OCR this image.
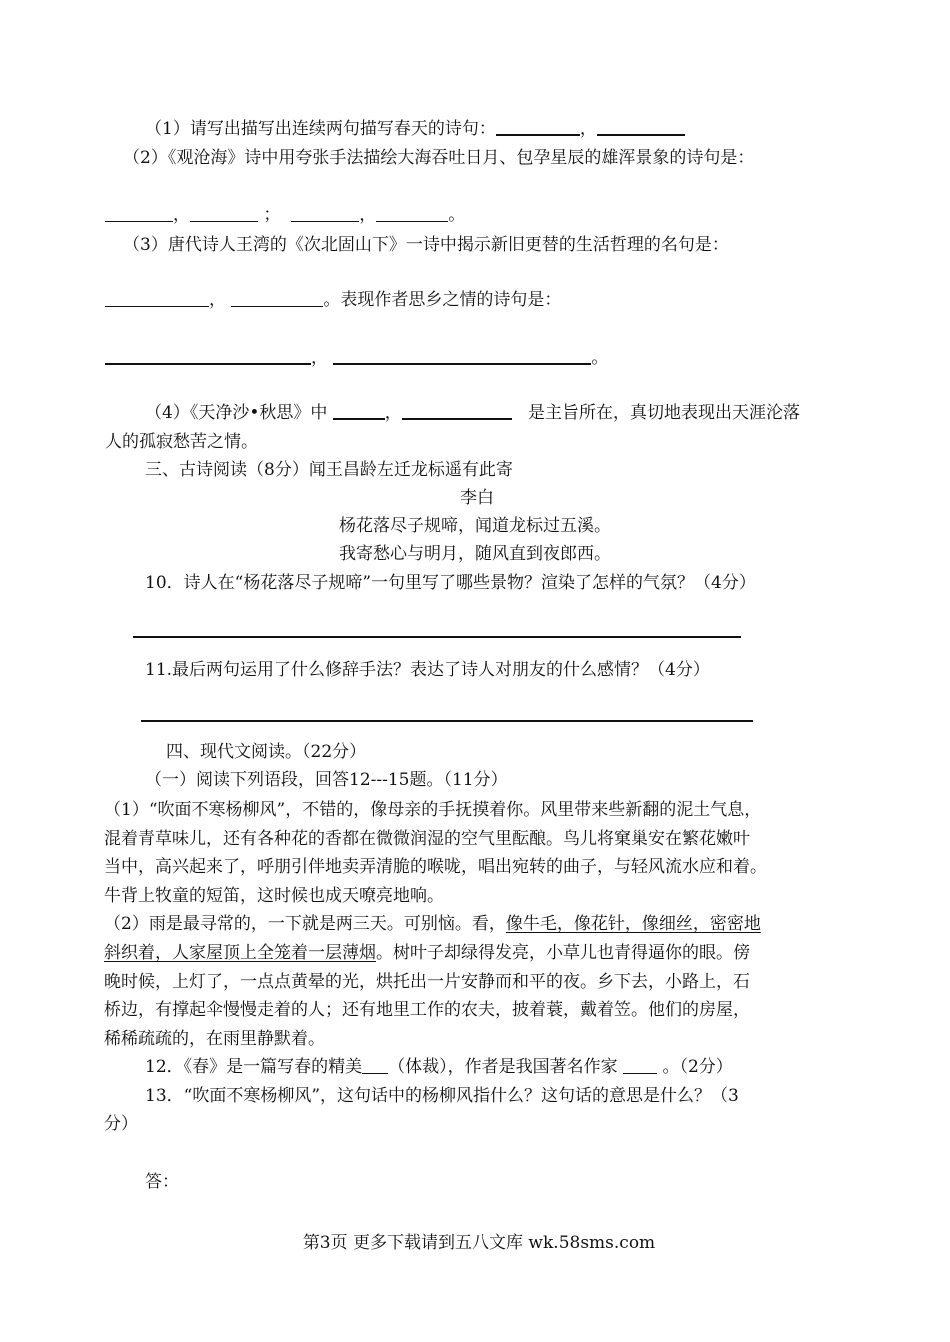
（1）请写出描写出连续两句描写春天的诗句：	，
（2）《观沧海》诗中用夸张手法描绘大海吞吐日月、包孕星辰的雄浑景象的诗句是：
，	；	，	。
（3）唐代诗人王湾的《次北固山下》一诗中揭示新旧更替的生活哲理的名句是：
，	。表现作者思乡之情的诗句是：
，	。
（4）《天净沙•秋思》中	，	是主旨所在，真切地表现出天涯沦落
人的孤寂愁苦之情。
三、古诗阅读（8分）闻王昌龄左迁龙标遥有此寄
李白
杨花落尽子规啼，闻道龙标过五溪。
我寄愁心与明月，随风直到夜郎西。
10．诗人在“杨花落尽子规啼”一句里写了哪些景物？渲染了怎样的气氛？（4分）
11.最后两句运用了什么修辞手法？表达了诗人对朋友的什么感情？（4分）
四、现代文阅读。（22分）
（一）阅读下列语段，回答12---15题。（11分）
（1）“吹面不寒杨柳风”，不错的，像母亲的手抚摸着你。风里带来些新翻的泥土气息，
混着青草味儿，还有各种花的香都在微微润湿的空气里酝酿。鸟儿将窠巢安在繁花嫩叶
当中，高兴起来了，呼朋引伴地卖弄清脆的喉咙，唱出宛转的曲子，与轻风流水应和着。
牛背上牧童的短笛，这时候也成天嘹亮地响。
（2）雨是最寻常的，一下就是两三天。可别恼。看，像牛毛，像花针，像细丝，密密地
斜织着，人家屋顶上全笼着一层薄烟。树叶子却绿得发亮，小草儿也青得逼你的眼。傍
晚时候，上灯了，一点点黄晕的光，烘托出一片安静而和平的夜。乡下去，小路上，石
桥边，有撑起伞慢慢走着的人；还有地里工作的农夫，披着蓑，戴着笠。他们的房屋，
稀稀疏疏的，在雨里静默着。
12．《春》是一篇写春的精美 （体裁），作者是我国著名作家	。（2分）
13．“吹面不寒杨柳风”，这句话中的杨柳风指什么？这句话的意思是什么？（3
分）
答：
第3页 更多下载请到五八文库 wk.58sms.com
